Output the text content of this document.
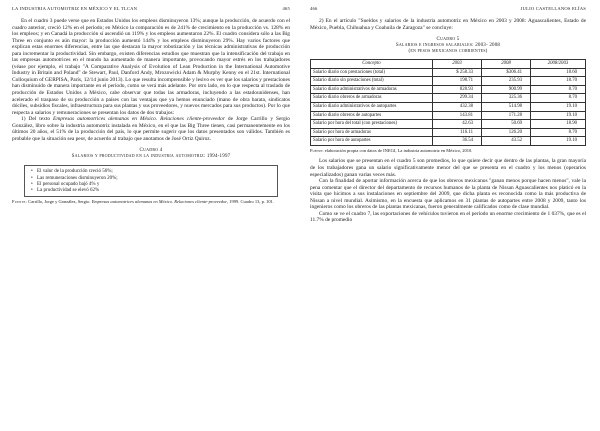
LA INDUSTRIA AUTOMOTRIZ EN MÉXICO Y EL TLCAN	465

En el cuadro 3 puede verse que en Estados Unidos los empleos disminuyeron 13%; aunque la producción, de acuerdo con el cuadro anterior, creció 12% en el período; en México la comparación es de 241% de crecimiento en la producción vs. 128% en los empleos; y en Canadá la producción sí ascendió un 119% y los empleos aumentaron 22%. El cuadro considera sólo a las Big Three en conjunto es aún mayor: la producción aumentó 144% y los empleos disminuyeron 29%. Hay varios factores que explican estas enormes diferencias, entre las que destacan la mayor robotización y las técnicas administrativas de producción para incrementar la productividad. Sin embargo, existen diferencias estudios que muestran que la intensificación del trabajo en las empresas automotrices en el mundo ha aumentado de manera importante, provocando mayor estrés en los trabajadores (véase por ejemplo, el trabajo "A Comparative Analysis of Evolution of Lean Production in the International Automotive Industry in Britain and Poland" de Stewart, Paul, Danford Andy, Mrozowicki Adam & Murphy Kenny en el 21st. International Colloquium of GERPISA, París, 12/14 junio 2013). Lo que resulta incomprensible y lesivo es ver que los salarios y prestaciones han disminuido de manera importante en el período, como se verá más adelante. Por otro lado, en lo que respecta al traslado de producción de Estados Unidos a México, cabe observar que todas las armadoras, incluyendo a las estadounidenses, han acelerado el traspaso de su producción a países con las ventajas que ya hemos enunciado (mano de obra barata, sindicatos dóciles, subsidios fiscales, infraestructura para sus plantas y sus proveedores, y nuevos mercados para sus productos). Por lo que respecta a salarios y remuneraciones se presentan los datos de dos trabajos:

1) Del texto Empresas automotrices alemanas en México. Relaciones cliente-proveedor de Jorge Carrillo y Sergio González, libro sobre la industria automotriz instalada en México, en el que las Big Three tienen, casi permanentemente en los últimos 20 años, el 51% de la producción del país, lo que permite sugerir que los datos presentados son válidos. También es probable que la situación sea peor, de acuerdo al trabajo que anotamos de José Ortiz Quiroz.

Cuadro 4
Salarios y productividad en la industria automotriz: 1994-1997
• El valor de la producción creció 56%;
• Las remuneraciones disminuyeron 20%;
• El personal ocupado bajó 4% y
• La productividad se elevó 62%
Fuente: Carrillo, Jorge y González, Sergio. Empresas automotrices alemanas en México. Relaciones cliente-proveedor, 1999. Cuadro 13, p. 101.
466	JULIO CASTELLANOS ELÍAS

2) En el artículo "Sueldos y salarios de la industria automotriz en México en 2003 y 2008: Aguascalientes, Estado de México, Puebla, Chihuahua y Coahuila de Zaragoza" se concluye:

Cuadro 5
Salarios e ingresos salariales: 2003- 2008
(en pesos mexicanos corrientes)
Concepto	2003	2008	2008/2003
Salario diario con prestaciones (total)	$ 258.33	$306.41	18.60
Salario diario sin prestaciones (total)	198.71	235.93	18.70
Salario diario administrativos de armadoras	828.93	900.99	8.70
Salario diario obreros de armadoras	299.34	325.36	8.70
Salario diario administrativos de autopartes	432.38	514.98	19.10
Salario diario obreros de autopartes	143.81	171.28	19.10
Salario por hora del total (con prestaciones)	42.63	50.69	18.90
Salario por hora de armadoras	116.11	126.20	8.70
Salario por hora de autopartes	36.54	43.52	19.10
Fuente: elaboración propia con datos de INEGI, La industria automotriz en México, 2010.

Los salarios que se presentan en el cuadro 5 son promedios, lo que quiere decir que dentro de las plantas, la gran mayoría de los trabajadores gana un salario significativamente menor del que se presenta en el cuadro y los menos (operarios especializados) ganan varias veces más.

Con la finalidad de aportar información acerca de que los obreros mexicanos "ganan menos porque hacen menos", vale la pena comentar que el director del departamento de recursos humanos de la planta de Nissan Aguascalientes nos platicó en la visita que hicimos a sus instalaciones en septiembre del 2009, que dicha planta es reconocida como la más productiva de Nissan a nivel mundial. Asimismo, en la encuesta que aplicamos en 31 plantas de autopartes entre 2008 y 2009, tanto los ingenieros como los obreros de las plantas mexicanas, fueron generalmente calificados como de clase mundial.

Como se ve el cuadro 7, las exportaciones de vehículos tuvieron en el período un enorme crecimiento de 1 037%, que es el 11.7% de promedio
